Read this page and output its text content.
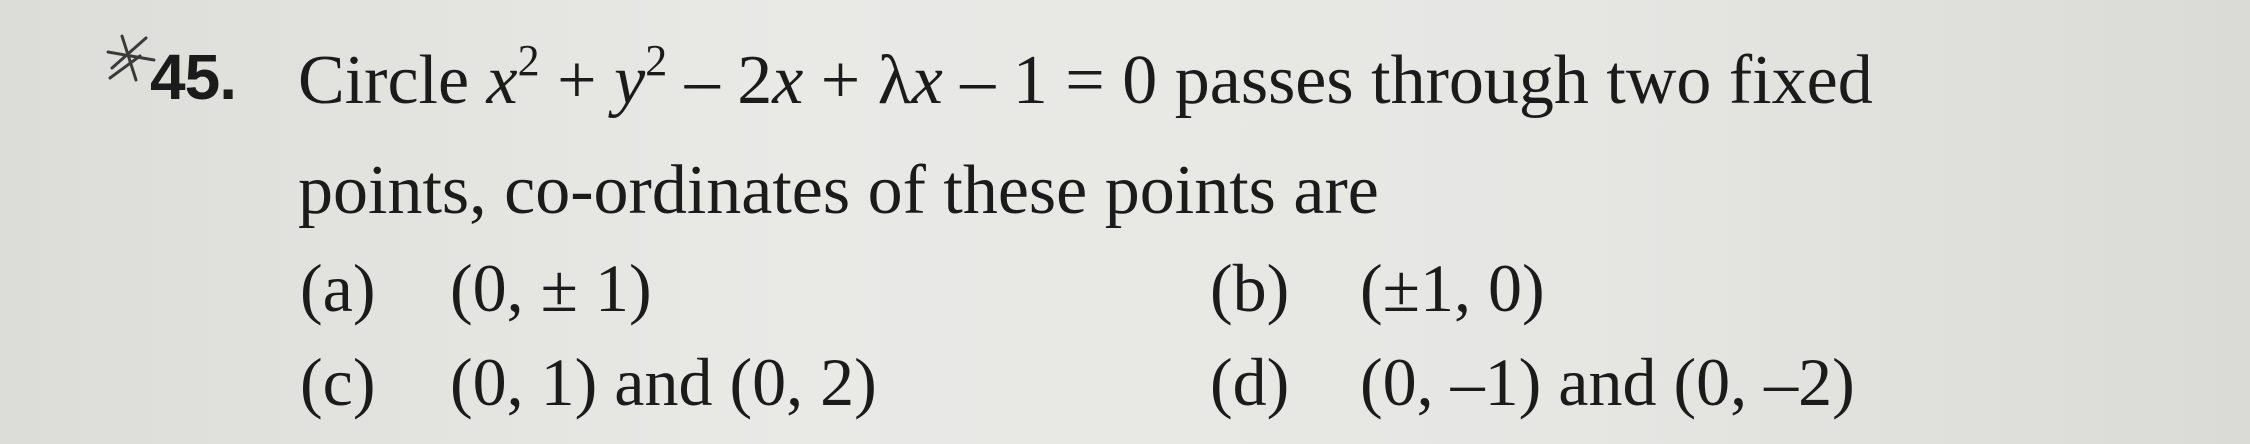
45. Circle $x^2 + y^2 - 2x + \lambda x - 1 = 0$ passes through two fixed
points, co-ordinates of these points are
(a) (0, ± 1)	(b) (±1, 0)
(c) (0, 1) and (0, 2)	(d) (0, –1) and (0, –2)
